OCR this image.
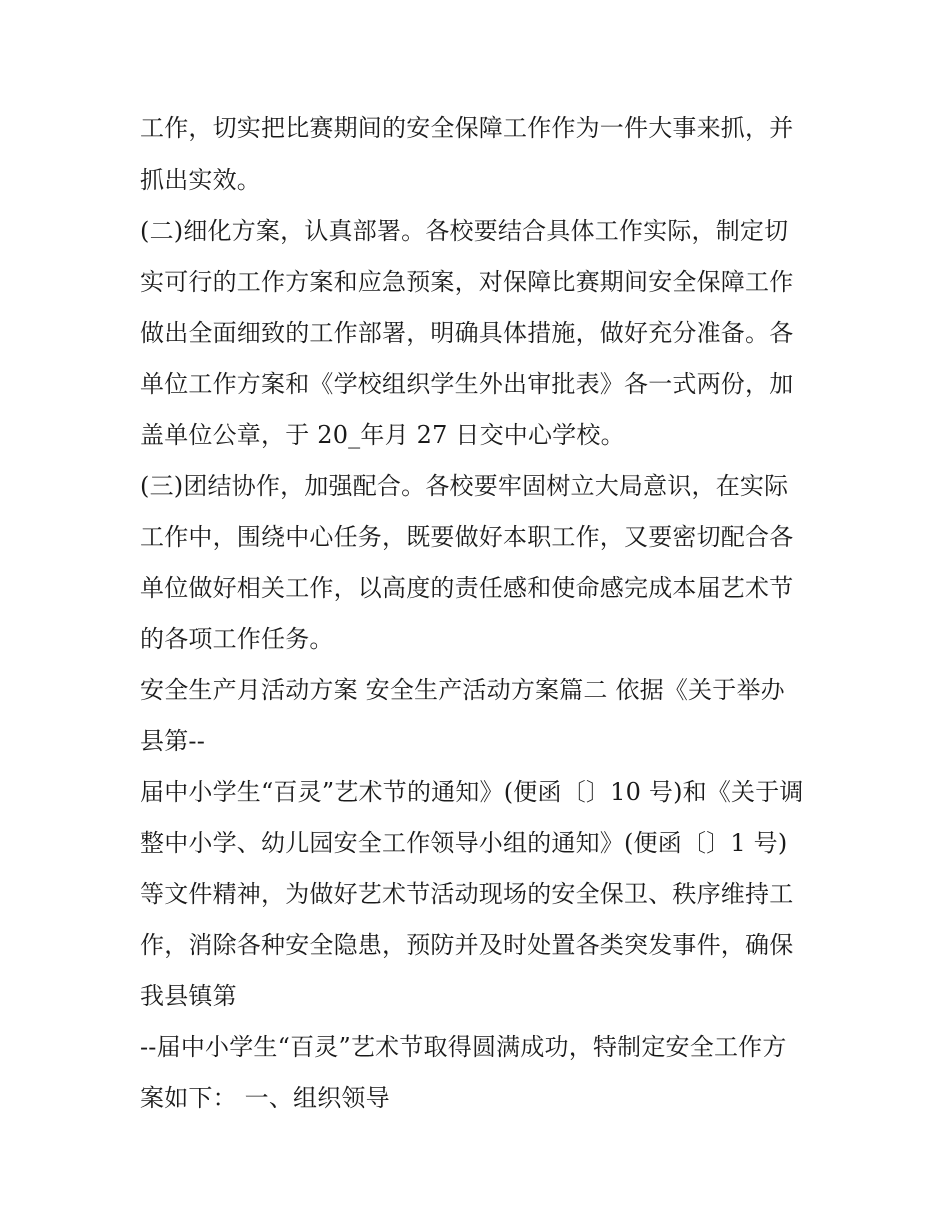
工作，切实把比赛期间的安全保障工作作为一件大事来抓，并
抓出实效。
(二)细化方案，认真部署。各校要结合具体工作实际，制定切
实可行的工作方案和应急预案，对保障比赛期间安全保障工作
做出全面细致的工作部署，明确具体措施，做好充分准备。各
单位工作方案和《学校组织学生外出审批表》各一式两份，加
盖单位公章，于 20_年月 27 日交中心学校。
(三)团结协作，加强配合。各校要牢固树立大局意识，在实际
工作中，围绕中心任务，既要做好本职工作，又要密切配合各
单位做好相关工作，以高度的责任感和使命感完成本届艺术节
的各项工作任务。
安全生产月活动方案 安全生产活动方案篇二 依据《关于举办
县第--
届中小学生“百灵”艺术节的通知》(便函〔〕10 号)和《关于调
整中小学、幼儿园安全工作领导小组的通知》(便函〔〕1 号)
等文件精神，为做好艺术节活动现场的安全保卫、秩序维持工
作，消除各种安全隐患，预防并及时处置各类突发事件，确保
我县镇第
--届中小学生“百灵”艺术节取得圆满成功，特制定安全工作方
案如下： 一、组织领导
